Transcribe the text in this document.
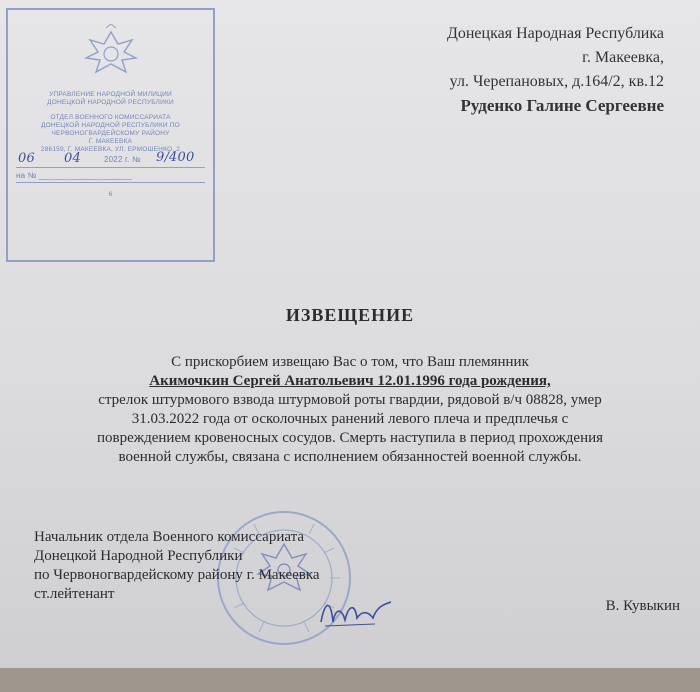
УПРАВЛЕНИЕ НАРОДНОЙ МИЛИЦИИ

ДОНЕЦКОЙ НАРОДНОЙ РЕСПУБЛИКИ

ОТДЕЛ ВОЕННОГО КОМИССАРИАТА

ДОНЕЦКОЙ НАРОДНОЙ РЕСПУБЛИКИ ПО

ЧЕРВОНОГВАРДЕЙСКОМУ РАЙОНУ

Г. МАКЕЕВКА

286159, Г. МАКЕЕВКА, УЛ. ЕРМОШЕНКО, 2

06 04	2022 г. № 9/400
на № ____________________

6

Донецкая Народная Республика
г. Макеевка,
ул. Черепановых, д.164/2, кв.12
Руденко Галине Сергеевне
ИЗВЕЩЕНИЕ
С прискорбием извещаю Вас о том, что Ваш племянник
Акимочкин Сергей Анатольевич 12.01.1996 года рождения,
стрелок штурмового взвода штурмовой роты гвардии, рядовой в/ч 08828, умер
31.03.2022 года от осколочных ранений левого плеча и предплечья с
повреждением кровеносных сосудов. Смерть наступила в период прохождения
военной службы, связана с исполнением обязанностей военной службы.
Начальник отдела Военного комиссариата
Донецкой Народной Республики
по Червоногвардейскому району г. Макеевка
ст.лейтенант
В. Кувыкин
